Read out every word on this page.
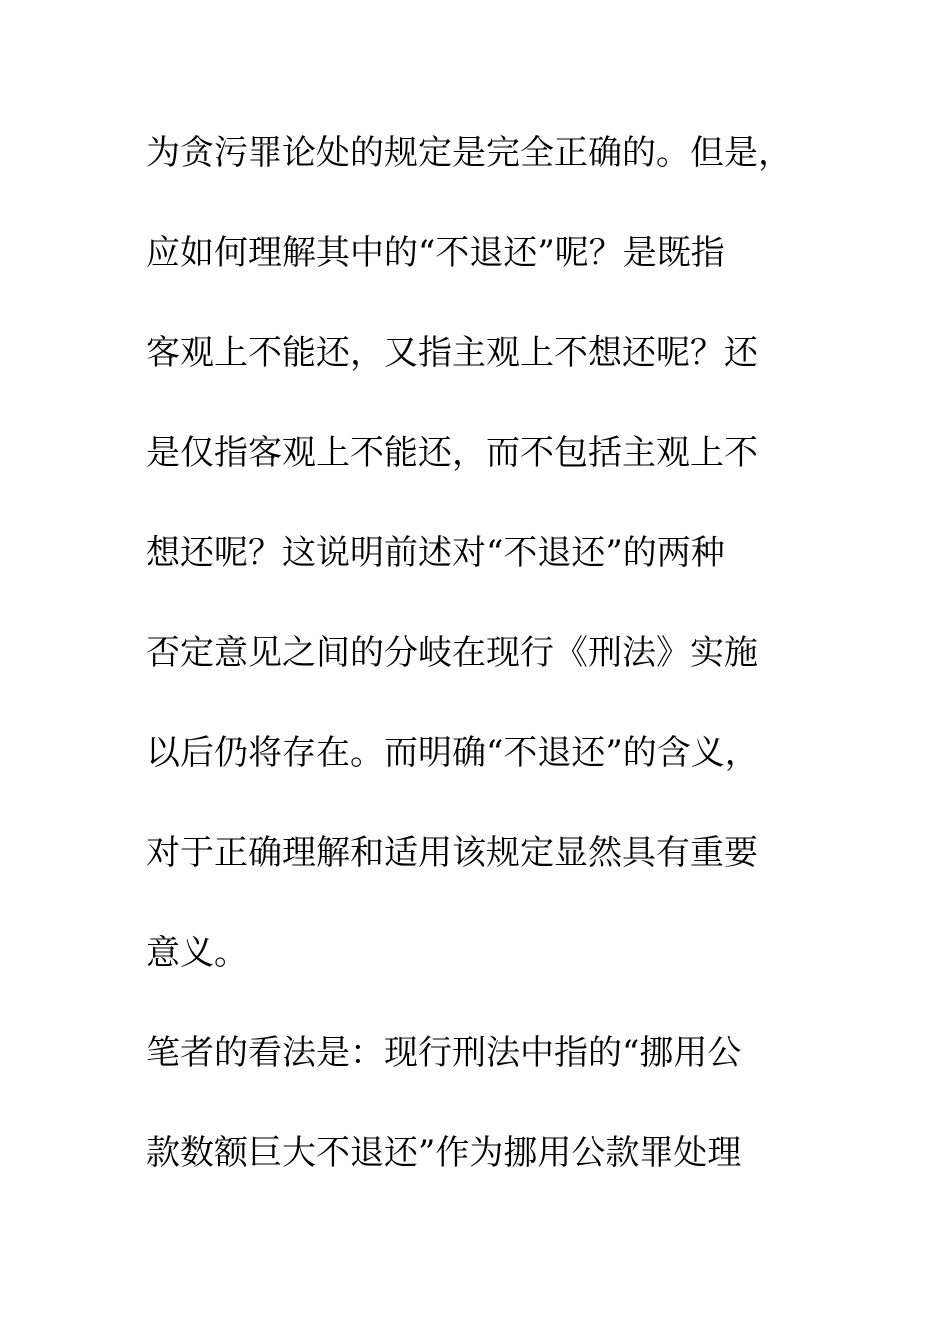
为贪污罪论处的规定是完全正确的。但是，
应如何理解其中的“不退还”呢？是既指
客观上不能还，又指主观上不想还呢？还
是仅指客观上不能还，而不包括主观上不
想还呢？这说明前述对“不退还”的两种
否定意见之间的分岐在现行《刑法》实施
以后仍将存在。而明确“不退还”的含义，
对于正确理解和适用该规定显然具有重要
意义。
笔者的看法是：现行刑法中指的“挪用公
款数额巨大不退还”作为挪用公款罪处理
